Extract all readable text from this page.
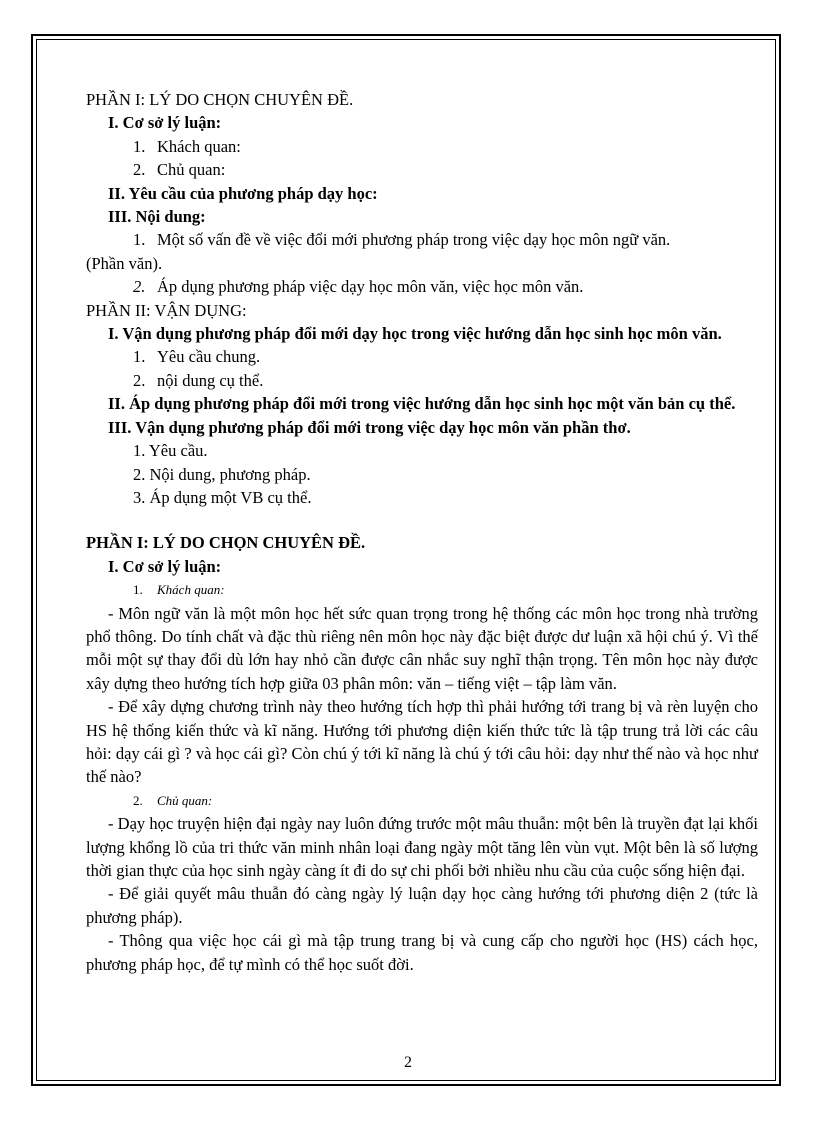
PHẦN I: LÝ DO CHỌN CHUYÊN ĐỀ.

I. Cơ sở lý luận:

1. Khách quan:

2. Chủ quan:

II. Yêu cầu của phương pháp dạy học:

III. Nội dung:

1. Một số vấn đề về việc đổi mới phương pháp trong việc dạy học môn ngữ văn.

(Phần văn).

2. Áp dụng phương pháp việc dạy học môn văn, việc học môn văn.

PHẦN II: VẬN DỤNG:

I. Vận dụng phương pháp đổi mới dạy học trong việc hướng dẫn học sinh học môn văn.

1. Yêu cầu chung.

2. nội dung cụ thể.

II. Áp dụng phương pháp đổi mới trong việc hướng dẫn học sinh học một văn bản cụ thể.

III. Vận dụng phương pháp đổi mới trong việc dạy học môn văn phần thơ.

1. Yêu cầu.

2. Nội dung, phương pháp.

3. Áp dụng một VB cụ thể.

PHẦN I: LÝ DO CHỌN CHUYÊN ĐỀ.

I. Cơ sở lý luận:

1. Khách quan:

- Môn ngữ văn là một môn học hết sức quan trọng trong hệ thống các môn học trong nhà trường phổ thông. Do tính chất và đặc thù riêng nên môn học này đặc biệt được dư luận xã hội chú ý. Vì thế mỗi một sự thay đổi dù lớn hay nhỏ cần được cân nhắc suy nghĩ thận trọng. Tên môn học này được xây dựng theo hướng tích hợp giữa 03 phân môn: văn – tiếng việt – tập làm văn.

- Để xây dựng chương trình này theo hướng tích hợp thì phải hướng tới trang bị và rèn luyện cho HS hệ thống kiến thức và kĩ năng. Hướng tới phương diện kiến thức tức là tập trung trả lời các câu hỏi: dạy cái gì ? và học cái gì? Còn chú ý tới kĩ năng là chú ý tới câu hỏi: dạy như thế nào và học như thế nào?

2. Chủ quan:

- Dạy học truyện hiện đại ngày nay luôn đứng trước một mâu thuẫn: một bên là truyền đạt lại khối lượng khổng lồ của tri thức văn minh nhân loại đang ngày một tăng lên vùn vụt. Một bên là số lượng thời gian thực của học sinh ngày càng ít đi do sự chi phối bởi nhiều nhu cầu của cuộc sống hiện đại.

- Để giải quyết mâu thuẫn đó càng ngày lý luận dạy học càng hướng tới phương diện 2 (tức là phương pháp).

- Thông qua việc học cái gì mà tập trung trang bị và cung cấp cho người học (HS) cách học, phương pháp học, để tự mình có thể học suốt đời.

2
